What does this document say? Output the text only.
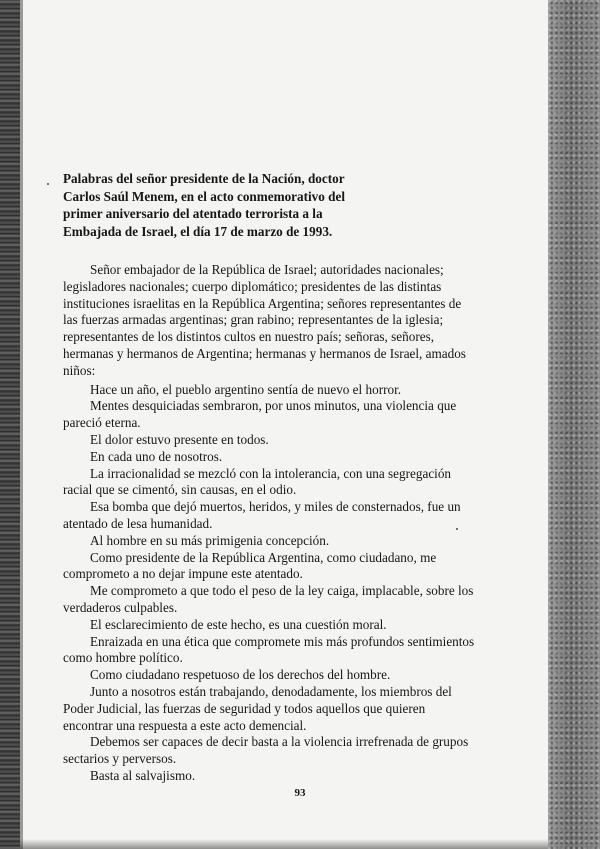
Palabras del señor presidente de la Nación, doctor Carlos Saúl Menem, en el acto conmemorativo del primer aniversario del atentado terrorista a la Embajada de Israel, el día 17 de marzo de 1993.

Señor embajador de la República de Israel; autoridades nacionales; legisladores nacionales; cuerpo diplomático; presidentes de las distintas instituciones israelitas en la República Argentina; señores representantes de las fuerzas armadas argentinas; gran rabino; representantes de la iglesia; representantes de los distintos cultos en nuestro país; señoras, señores, hermanas y hermanos de Argentina; hermanas y hermanos de Israel, amados niños:

Hace un año, el pueblo argentino sentía de nuevo el horror.

Mentes desquiciadas sembraron, por unos minutos, una violencia que pareció eterna.

El dolor estuvo presente en todos.

En cada uno de nosotros.

La irracionalidad se mezcló con la intolerancia, con una segregación racial que se cimentó, sin causas, en el odio.

Esa bomba que dejó muertos, heridos, y miles de consternados, fue un atentado de lesa humanidad.

Al hombre en su más primigenia concepción.

Como presidente de la República Argentina, como ciudadano, me comprometo a no dejar impune este atentado.

Me comprometo a que todo el peso de la ley caiga, implacable, sobre los verdaderos culpables.

El esclarecimiento de este hecho, es una cuestión moral.

Enraizada en una ética que compromete mis más profundos sentimientos como hombre político.

Como ciudadano respetuoso de los derechos del hombre.

Junto a nosotros están trabajando, denodadamente, los miembros del Poder Judicial, las fuerzas de seguridad y todos aquellos que quieren encontrar una respuesta a este acto demencial.

Debemos ser capaces de decir basta a la violencia irrefrenada de grupos sectarios y perversos.

Basta al salvajismo.

93
